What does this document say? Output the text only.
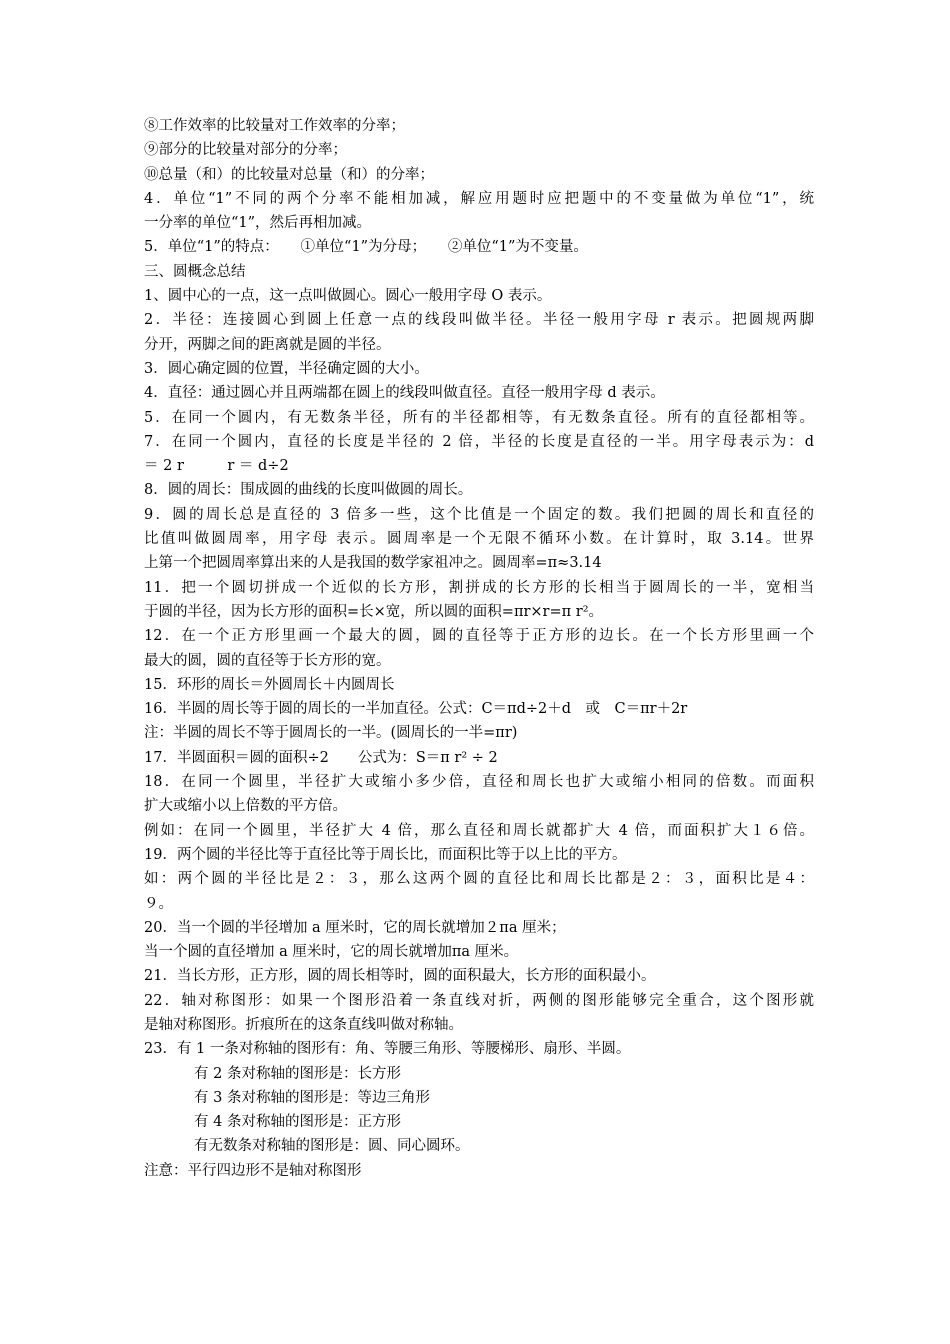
⑧工作效率的比较量对工作效率的分率；
⑨部分的比较量对部分的分率；
⑩总量（和）的比较量对总量（和）的分率；
4．单位“1”不同的两个分率不能相加减，解应用题时应把题中的不变量做为单位“1”，统
一分率的单位“1”，然后再相加减。
5．单位“1”的特点：　　①单位“1”为分母；　　②单位“1”为不变量。
三、圆概念总结
1、圆中心的一点，这一点叫做圆心。圆心一般用字母 O 表示。
2．半径：连接圆心到圆上任意一点的线段叫做半径。半径一般用字母 r 表示。把圆规两脚
分开，两脚之间的距离就是圆的半径。
3．圆心确定圆的位置，半径确定圆的大小。
4．直径：通过圆心并且两端都在圆上的线段叫做直径。直径一般用字母 d 表示。
5．在同一个圆内，有无数条半径，所有的半径都相等，有无数条直径。所有的直径都相等。
7．在同一个圆内，直径的长度是半径的 2 倍，半径的长度是直径的一半。用字母表示为：d
＝ 2 r　　　r ＝ d÷2
8．圆的周长：围成圆的曲线的长度叫做圆的周长。
9．圆的周长总是直径的 3 倍多一些，这个比值是一个固定的数。我们把圆的周长和直径的
比值叫做圆周率，用字母 表示。圆周率是一个无限不循环小数。在计算时，取 3.14。世界
上第一个把圆周率算出来的人是我国的数学家祖冲之。圆周率=π≈3.14
11．把一个圆切拼成一个近似的长方形，割拼成的长方形的长相当于圆周长的一半，宽相当
于圆的半径，因为长方形的面积=长×宽，所以圆的面积=πr×r=π r²。
12．在一个正方形里画一个最大的圆，圆的直径等于正方形的边长。在一个长方形里画一个
最大的圆，圆的直径等于长方形的宽。
15．环形的周长＝外圆周长＋内圆周长
16．半圆的周长等于圆的周长的一半加直径。公式：C＝πd÷2＋d　或　C＝πr＋2r
注：半圆的周长不等于圆周长的一半。(圆周长的一半=πr)
17．半圆面积＝圆的面积÷2　　公式为：S＝π r² ÷ 2
18．在同一个圆里，半径扩大或缩小多少倍，直径和周长也扩大或缩小相同的倍数。而面积
扩大或缩小以上倍数的平方倍。
例如：在同一个圆里，半径扩大 4 倍，那么直径和周长就都扩大 4 倍，而面积扩大１６倍。
19．两个圆的半径比等于直径比等于周长比，而面积比等于以上比的平方。
如：两个圆的半径比是２：３，那么这两个圆的直径比和周长比都是２：３，面积比是４：
９。
20．当一个圆的半径增加 a 厘米时，它的周长就增加２πa 厘米；
当一个圆的直径增加 a 厘米时，它的周长就增加πa 厘米。
21．当长方形，正方形，圆的周长相等时，圆的面积最大，长方形的面积最小。
22．轴对称图形：如果一个图形沿着一条直线对折，两侧的图形能够完全重合，这个图形就
是轴对称图形。折痕所在的这条直线叫做对称轴。
23．有 1 一条对称轴的图形有：角、等腰三角形、等腰梯形、扇形、半圆。
有 2 条对称轴的图形是：长方形
有 3 条对称轴的图形是：等边三角形
有 4 条对称轴的图形是：正方形
有无数条对称轴的图形是：圆、同心圆环。
注意：平行四边形不是轴对称图形
